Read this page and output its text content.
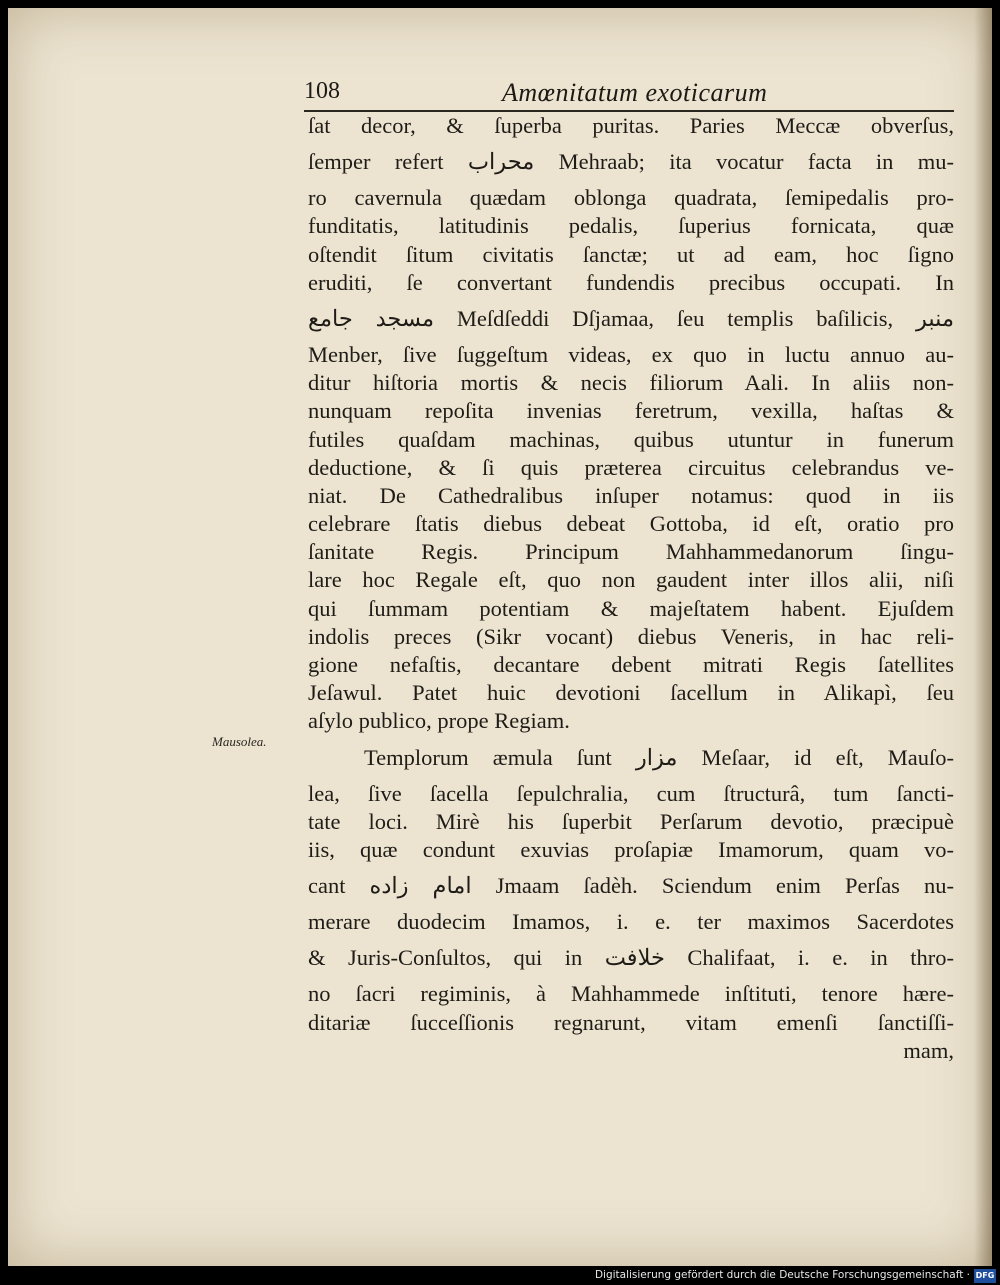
108	Amœnitatum exoticarum
Mausolea.
ſat decor, & ſuperba puritas. Paries Meccæ obverſus,
ſemper refert محراب Mehraab; ita vocatur facta in mu-
ro cavernula quædam oblonga quadrata, ſemipedalis pro-
funditatis, latitudinis pedalis, ſuperius fornicata, quæ
oſtendit ſitum civitatis ſanctæ; ut ad eam, hoc ſigno
eruditi, ſe convertant fundendis precibus occupati. In
مسجد جامع Meſdſeddi Dſjamaa, ſeu templis baſilicis, منبر
Menber, ſive ſuggeſtum videas, ex quo in luctu annuo au-
ditur hiſtoria mortis & necis filiorum Aali. In aliis non-
nunquam repoſita invenias feretrum, vexilla, haſtas &
futiles quaſdam machinas, quibus utuntur in funerum
deductione, & ſi quis præterea circuitus celebrandus ve-
niat. De Cathedralibus inſuper notamus: quod in iis
celebrare ſtatis diebus debeat Gottoba, id eſt, oratio pro
ſanitate Regis. Principum Mahhammedanorum ſingu-
lare hoc Regale eſt, quo non gaudent inter illos alii, niſi
qui ſummam potentiam & majeſtatem habent. Ejuſdem
indolis preces (Sikr vocant) diebus Veneris, in hac reli-
gione nefaſtis, decantare debent mitrati Regis ſatellites
Jeſawul. Patet huic devotioni ſacellum in Alikapì, ſeu
aſylo publico, prope Regiam.
Templorum æmula ſunt مزار Meſaar, id eſt, Mauſo-
lea, ſive ſacella ſepulchralia, cum ſtructurâ, tum ſancti-
tate loci. Mirè his ſuperbit Perſarum devotio, præcipuè
iis, quæ condunt exuvias proſapiæ Imamorum, quam vo-
cant امام زاده Jmaam ſadèh. Sciendum enim Perſas nu-
merare duodecim Imamos, i. e. ter maximos Sacerdotes
& Juris-Conſultos, qui in خلافت Chalifaat, i. e. in thro-
no ſacri regiminis, à Mahhammede inſtituti, tenore hære-
ditariæ ſucceſſionis regnarunt, vitam emenſi ſanctiſſi-
mam,
Digitalisierung gefördert durch die Deutsche Forschungsgemeinschaft · DFG
